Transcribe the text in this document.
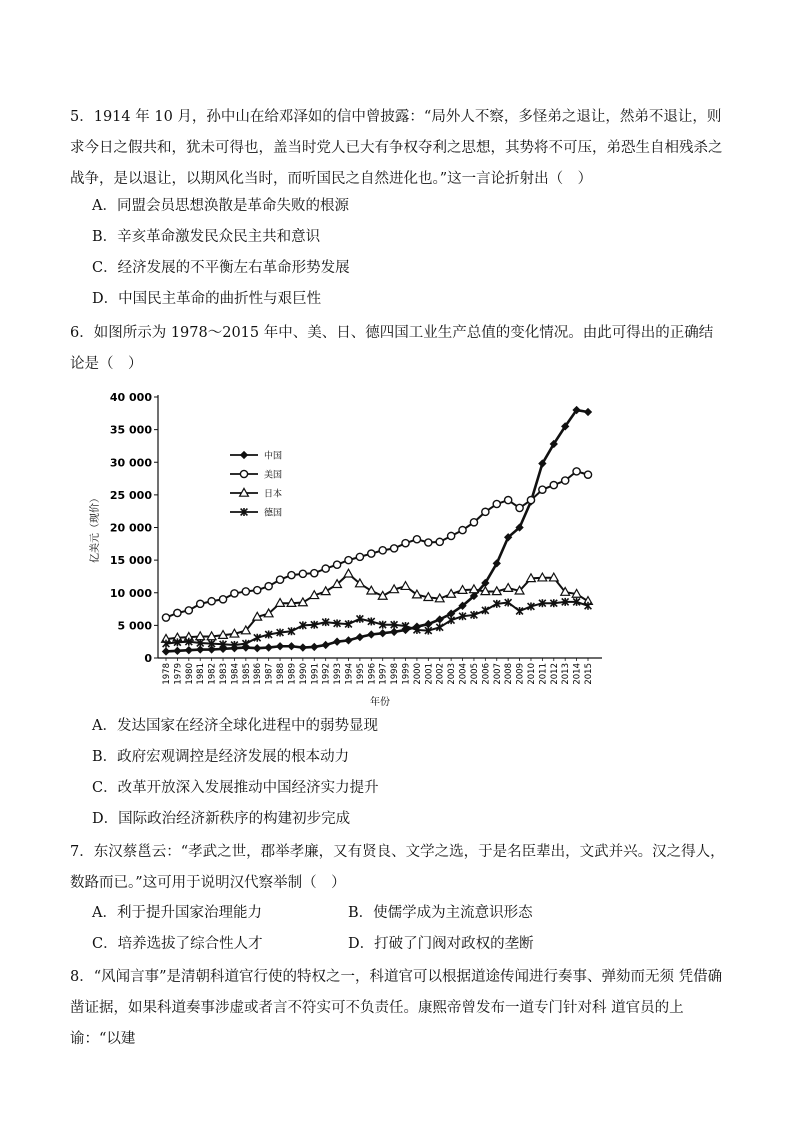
5．1914 年 10 月，孙中山在给邓泽如的信中曾披露：“局外人不察，多怪弟之退让，然弟不退让，则求今日之假共和，犹未可得也，盖当时党人已大有争权夺利之思想，其势将不可压，弟恐生自相残杀之战争，是以退让，以期风化当时，而听国民之自然进化也。”这一言论折射出（　）

A．同盟会员思想涣散是革命失败的根源

B．辛亥革命激发民众民主共和意识

C．经济发展的不平衡左右革命形势发展

D．中国民主革命的曲折性与艰巨性

6．如图所示为 1978～2015 年中、美、日、德四国工业生产总值的变化情况。由此可得出的正确结论是（　）

0
5 000
10 000
15 000
20 000
25 000
30 000
35 000
40 000
1978 1979 1980 1981 1982 1983 1984 1985 1986 1987 1988 1989 1990 1991 1992 1993 1994 1995 1996 1997 1998 1999 2000 2001 2002 2003 2004 2005 2006 2007 2008 2009 2010 2011 2012 2013 2014 2015
亿美元（现价）
年份
中国
美国
日本
德国

A．发达国家在经济全球化进程中的弱势显现

B．政府宏观调控是经济发展的根本动力

C．改革开放深入发展推动中国经济实力提升

D．国际政治经济新秩序的构建初步完成

7．东汉蔡邕云：“孝武之世，郡举孝廉，又有贤良、文学之选，于是名臣辈出，文武并兴。汉之得人，数路而已。”这可用于说明汉代察举制（　）

A．利于提升国家治理能力	B．使儒学成为主流意识形态

C．培养选拔了综合性人才	D．打破了门阀对政权的垄断

8．“风闻言事”是清朝科道官行使的特权之一，科道官可以根据道途传闻进行奏事、弹劾而无须 凭借确凿证据，如果科道奏事涉虚或者言不符实可不负责任。康熙帝曾发布一道专门针对科 道官员的上谕：“以建
